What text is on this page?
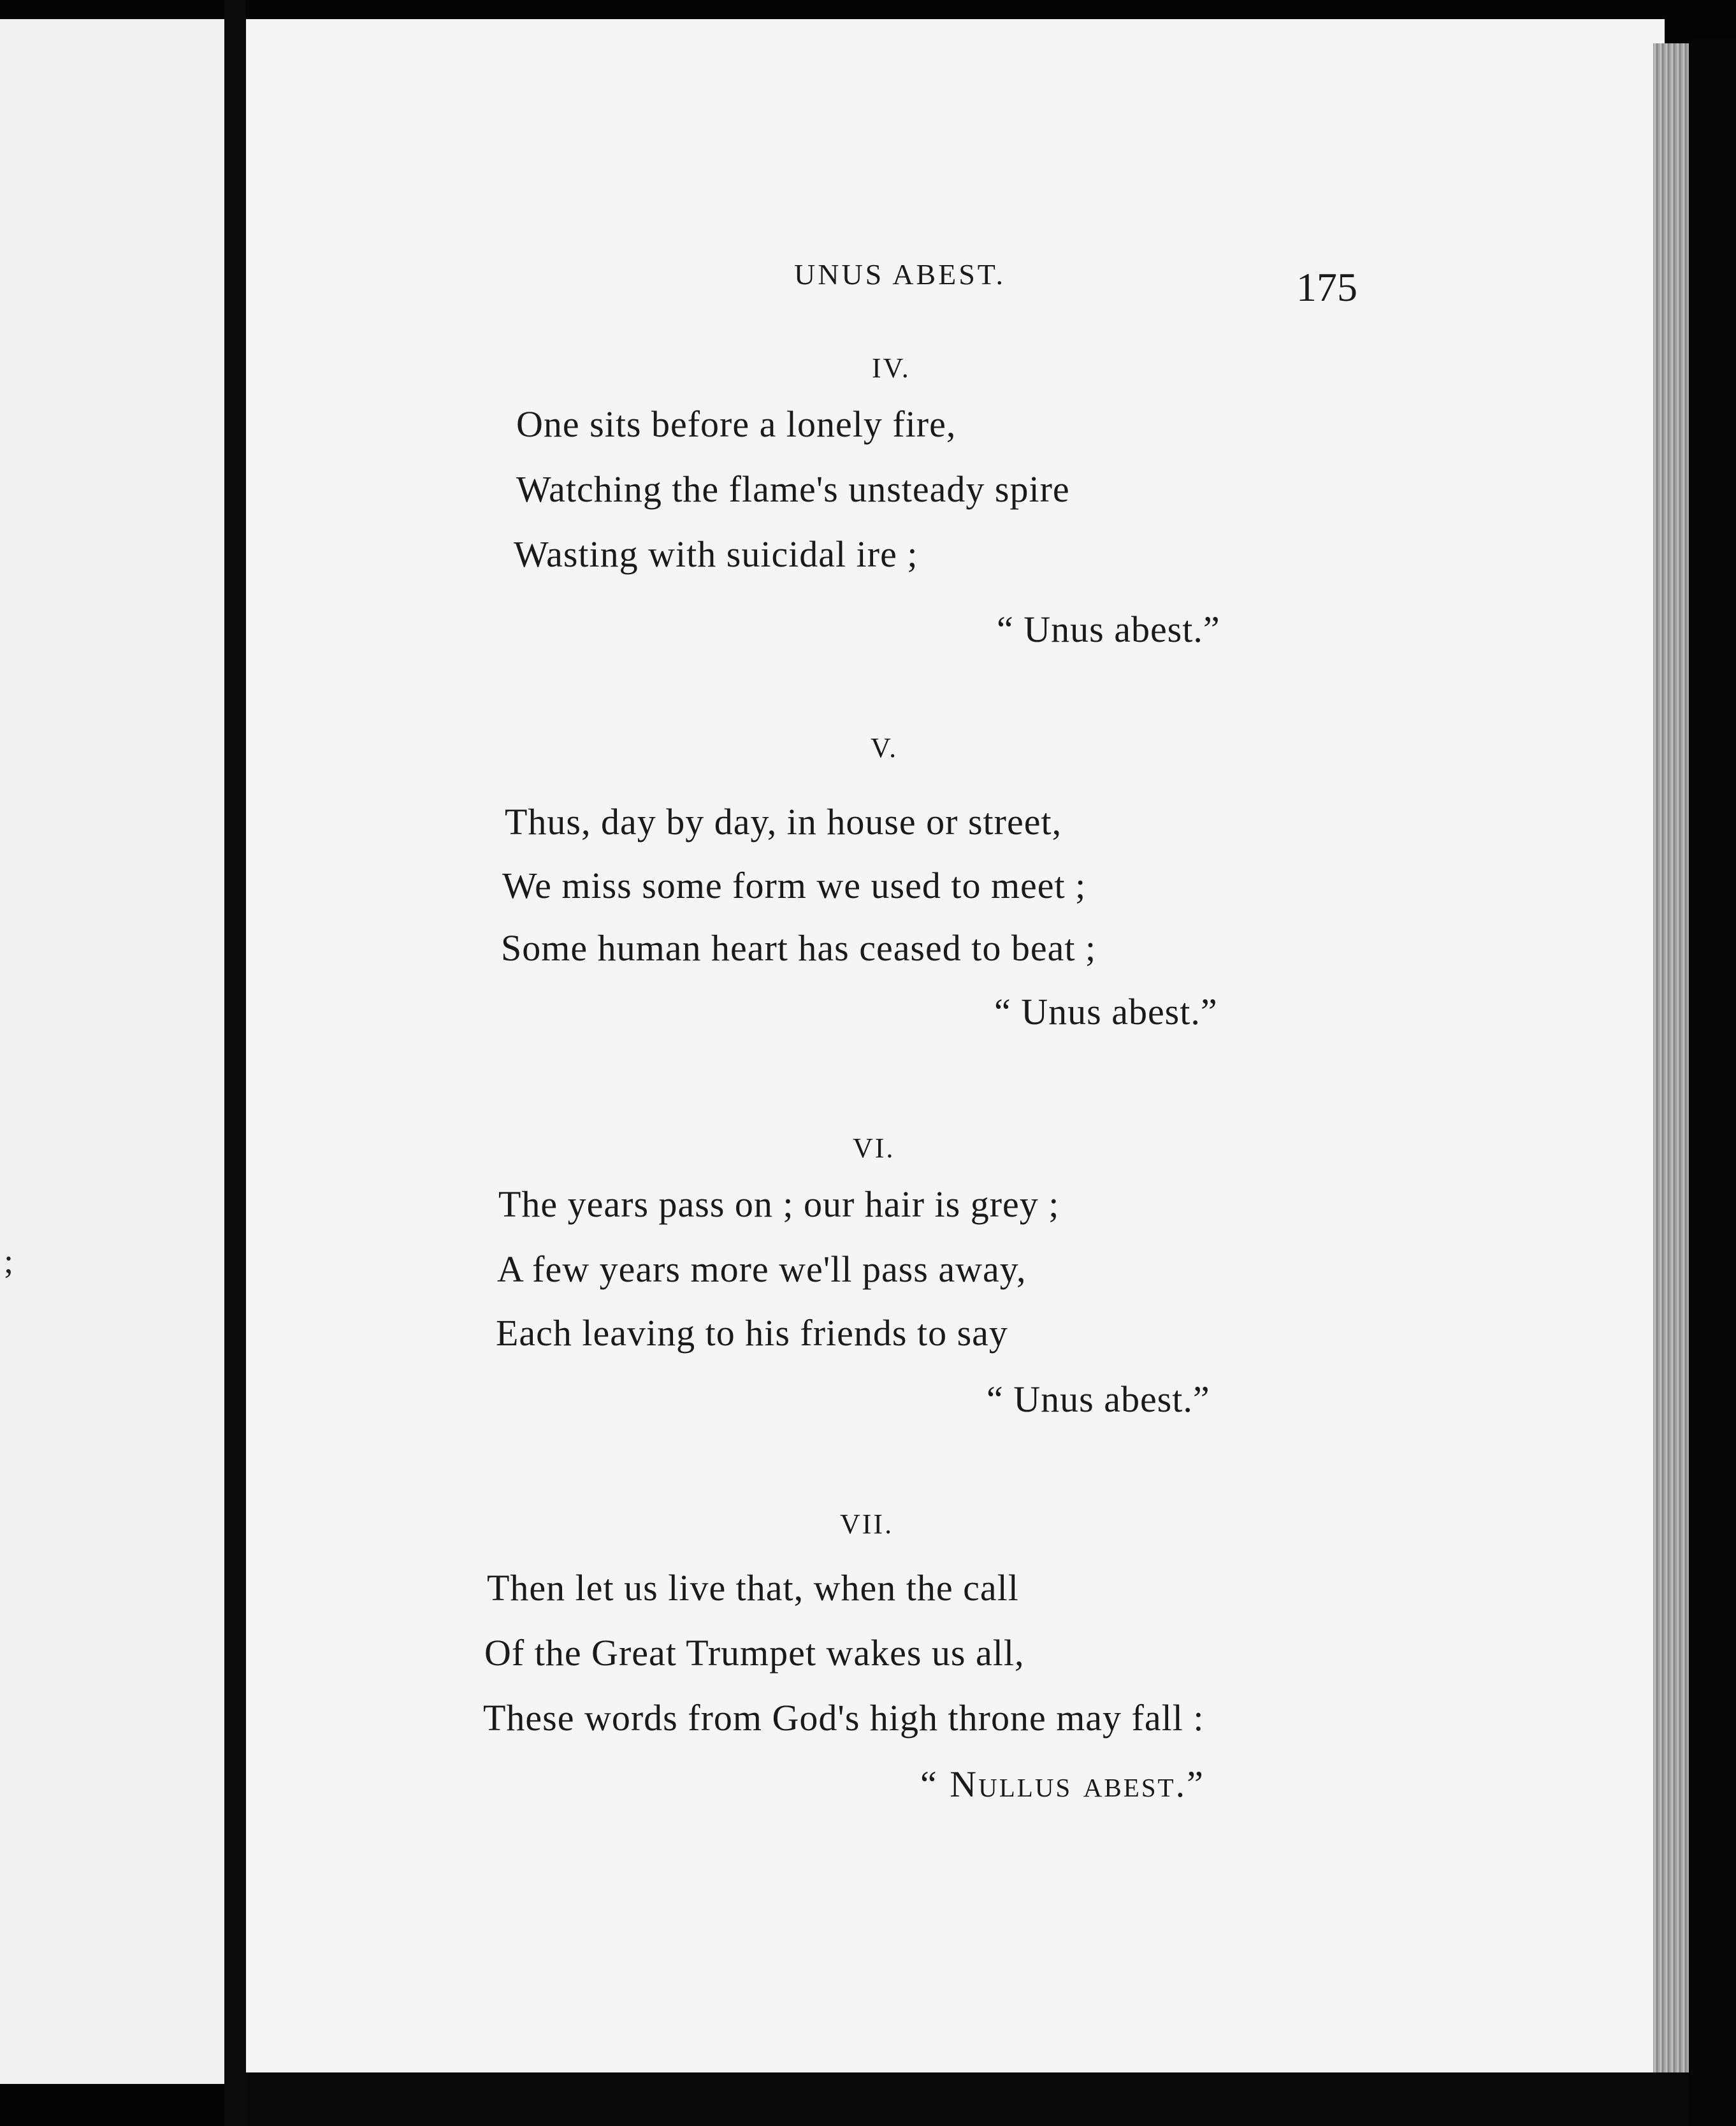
;
UNUS ABEST.	175
IV.
One sits before a lonely fire,
Watching the flame's unsteady spire
Wasting with suicidal ire ;
“ Unus abest.”
V.
Thus, day by day, in house or street,
We miss some form we used to meet ;
Some human heart has ceased to beat ;
“ Unus abest.”
VI.
The years pass on ; our hair is grey ;
A few years more we'll pass away,
Each leaving to his friends to say
“ Unus abest.”
VII.
Then let us live that, when the call
Of the Great Trumpet wakes us all,
These words from God's high throne may fall :
“ Nullus abest.”
